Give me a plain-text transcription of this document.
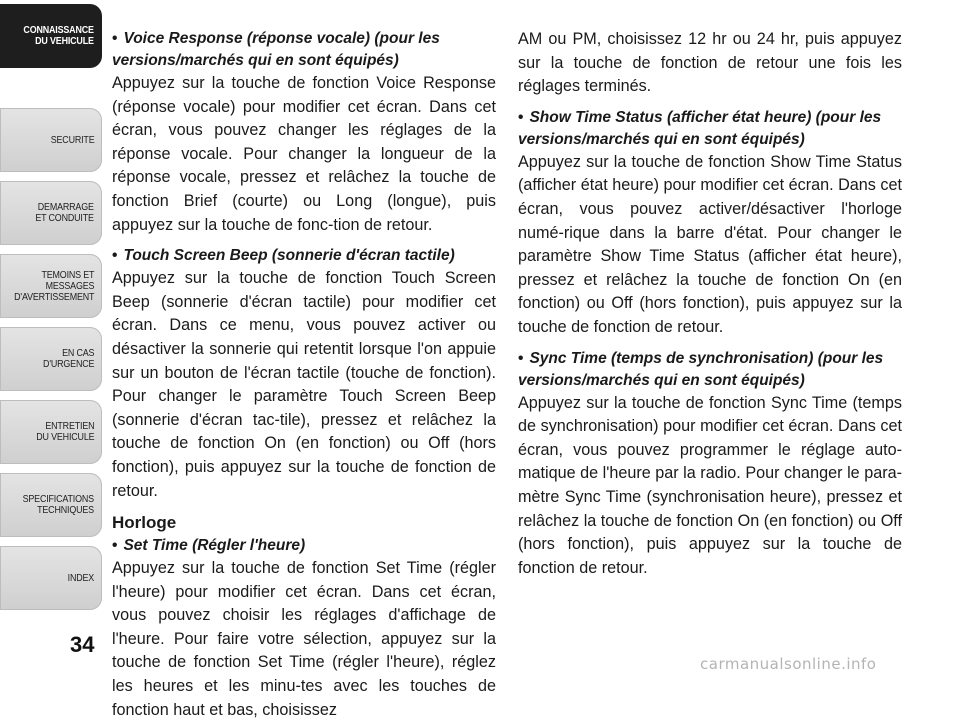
CONNAISSANCE
DU VEHICULE
SECURITE
DEMARRAGE
ET CONDUITE
TEMOINS ET
MESSAGES
D'AVERTISSEMENT
EN CAS
D'URGENCE
ENTRETIEN
DU VEHICULE
SPECIFICATIONS
TECHNIQUES
INDEX
34
• Voice Response (réponse vocale) (pour les versions/marchés qui en sont équipés)

Appuyez sur la touche de fonction Voice Response (réponse vocale) pour modifier cet écran. Dans cet écran, vous pouvez changer les réglages de la réponse vocale. Pour changer la longueur de la réponse vocale, pressez et relâchez la touche de fonction Brief (courte) ou Long (longue), puis appuyez sur la touche de fonc-tion de retour.

• Touch Screen Beep (sonnerie d'écran tactile)

Appuyez sur la touche de fonction Touch Screen Beep (sonnerie d'écran tactile) pour modifier cet écran. Dans ce menu, vous pouvez activer ou désactiver la sonnerie qui retentit lorsque l'on appuie sur un bouton de l'écran tactile (touche de fonction). Pour changer le paramètre Touch Screen Beep (sonnerie d'écran tac-tile), pressez et relâchez la touche de fonction On (en fonction) ou Off (hors fonction), puis appuyez sur la touche de fonction de retour.

Horloge
• Set Time (Régler l'heure)

Appuyez sur la touche de fonction Set Time (régler l'heure) pour modifier cet écran. Dans cet écran, vous pouvez choisir les réglages d'affichage de l'heure. Pour faire votre sélection, appuyez sur la touche de fonction Set Time (régler l'heure), réglez les heures et les minu-tes avec les touches de fonction haut et bas, choisissez

AM ou PM, choisissez 12 hr ou 24 hr, puis appuyez sur la touche de fonction de retour une fois les réglages terminés.

• Show Time Status (afficher état heure) (pour les versions/marchés qui en sont équipés)

Appuyez sur la touche de fonction Show Time Status (afficher état heure) pour modifier cet écran. Dans cet écran, vous pouvez activer/désactiver l'horloge numé-rique dans la barre d'état. Pour changer le paramètre Show Time Status (afficher état heure), pressez et relâchez la touche de fonction On (en fonction) ou Off (hors fonction), puis appuyez sur la touche de fonction de retour.

• Sync Time (temps de synchronisation) (pour les versions/marchés qui en sont équipés)

Appuyez sur la touche de fonction Sync Time (temps de synchronisation) pour modifier cet écran. Dans cet écran, vous pouvez programmer le réglage auto-matique de l'heure par la radio. Pour changer le para-mètre Sync Time (synchronisation heure), pressez et relâchez la touche de fonction On (en fonction) ou Off (hors fonction), puis appuyez sur la touche de fonction de retour.

carmanualsonline.info
